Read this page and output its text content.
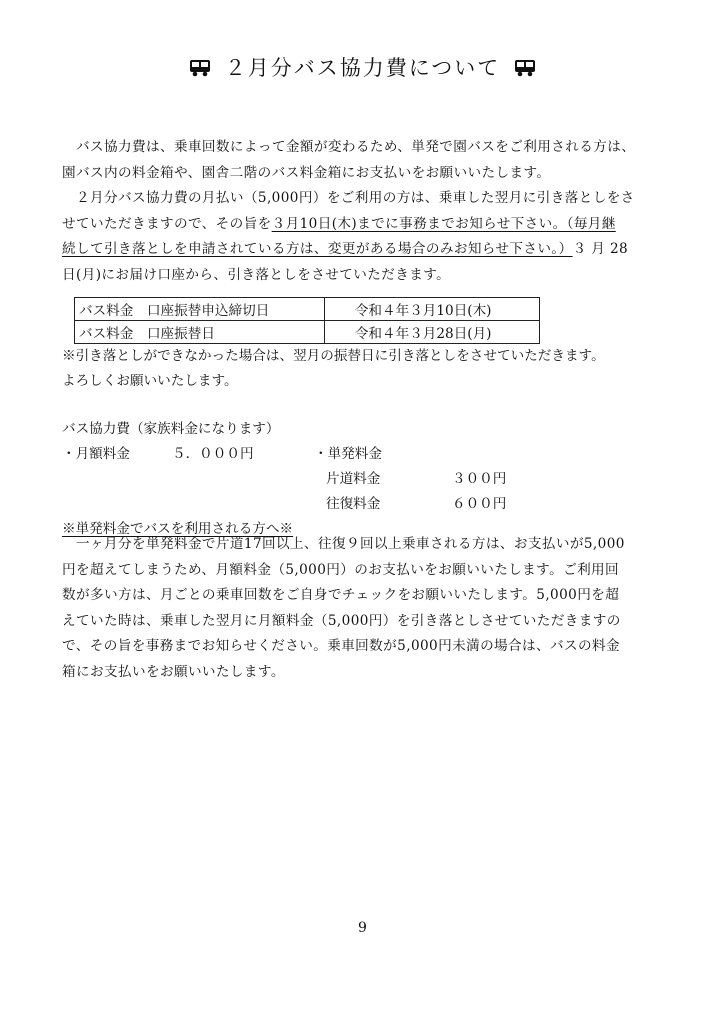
２月分バス協力費について
　バス協力費は、乗車回数によって金額が変わるため、単発で園バスをご利用される方は、
園バス内の料金箱や、園舎二階のバス料金箱にお支払いをお願いいたします。
　２月分バス協力費の月払い（5,000円）をご利用の方は、乗車した翌月に引き落としをさ
せていただきますので、その旨を３月10日(木)までに事務までお知らせ下さい。（毎月継
続して引き落としを申請されている方は、変更がある場合のみお知らせ下さい。）３ 月 28
日(月)にお届け口座から、引き落としをさせていただきます。
バス料金　口座振替申込締切日	令和４年３月10日(木)
バス料金　口座振替日	令和４年３月28日(月)
※引き落としができなかった場合は、翌月の振替日に引き落としをさせていただきます。
よろしくお願いいたします。
バス協力費（家族料金になります）
・月額料金	５．０００円	・単発料金
片道料金	３００円
往復料金	６００円
※単発料金でバスを利用される方へ※
　一ヶ月分を単発料金で片道17回以上、往復９回以上乗車される方は、お支払いが5,000
円を超えてしまうため、月額料金（5,000円）のお支払いをお願いいたします。ご利用回
数が多い方は、月ごとの乗車回数をご自身でチェックをお願いいたします。5,000円を超
えていた時は、乗車した翌月に月額料金（5,000円）を引き落としさせていただきますの
で、その旨を事務までお知らせください。乗車回数が5,000円未満の場合は、バスの料金
箱にお支払いをお願いいたします。
9
